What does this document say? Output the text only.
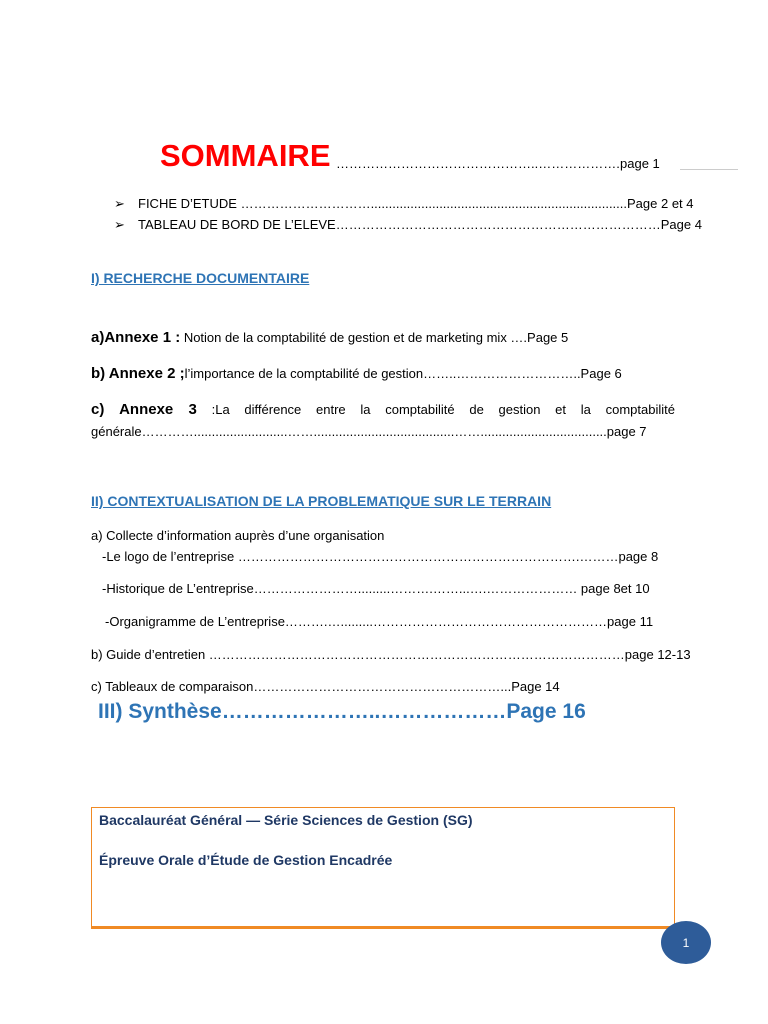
SOMMAIRE ………………………………………..………………. page 1
➢ FICHE D’ETUDE ………………………….......................................................................Page 2 et 4
➢ TABLEAU DE BORD DE L’ELEVE…………………………………………………………………Page 4
I) RECHERCHE DOCUMENTAIRE
a)Annexe 1 : Notion de la comptabilité de gestion et de marketing mix ….Page 5
b) Annexe 2 ;l’importance de la comptabilité de gestion……..………………………..Page 6
c) Annexe 3 :La différence entre la comptabilité de gestion et la comptabilité
générale…………..........................…….......................................……...................................page 7
II) CONTEXTUALISATION DE LA PROBLEMATIQUE SUR LE TERRAIN
a) Collecte d’information auprès d’une organisation
-Le logo de l’entreprise …………………………………………………………………….………page 8
-Historique de L’entreprise…………………….........……….……...….………………… page 8et 10
-Organigramme de L’entreprise……….….........………………………………………………page 11
b) Guide d’entretien ……………………………………………………………………………………page 12-13
c) Tableaux de comparaison…………………………………………………...Page 14
III) Synthèse…………………..………………Page 16
Baccalauréat Général — Série Sciences de Gestion (SG)
Épreuve Orale d’Étude de Gestion Encadrée
1
